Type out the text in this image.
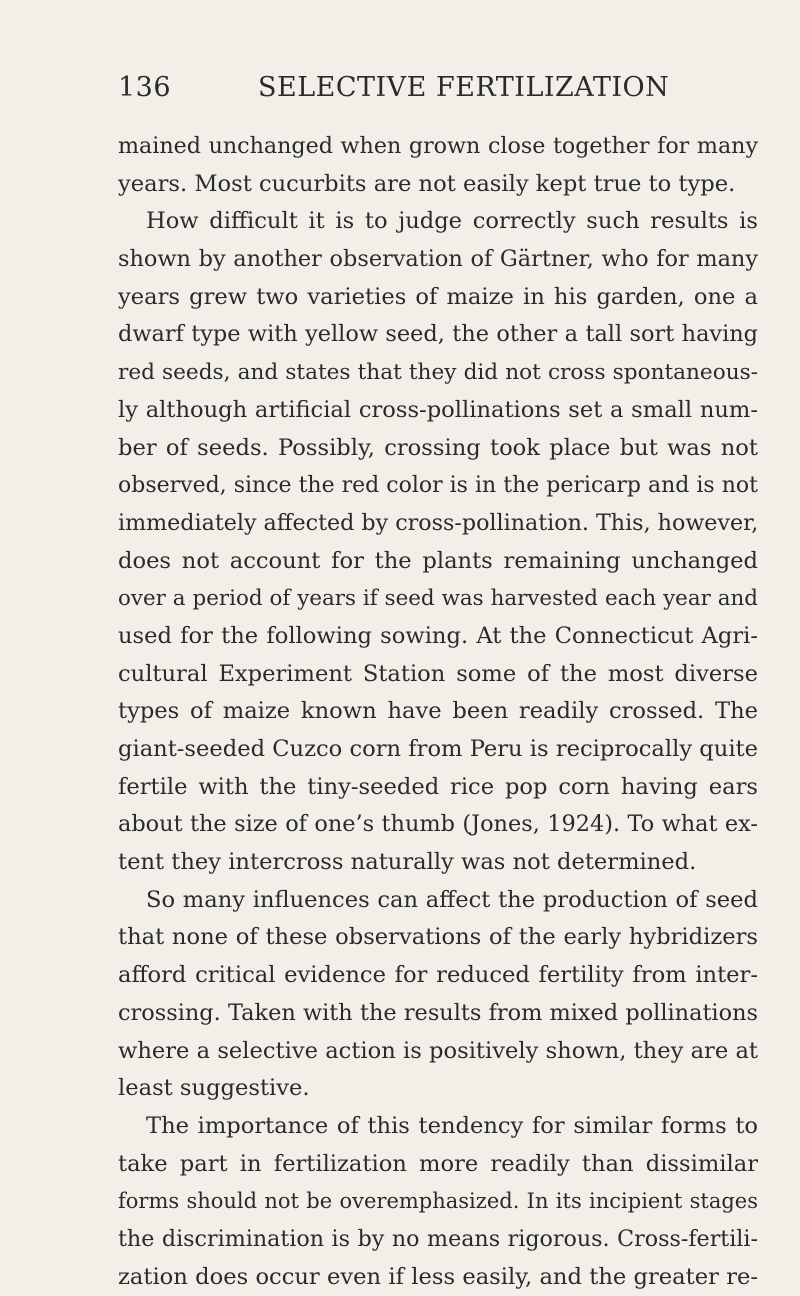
136	SELECTIVE FERTILIZATION
mained unchanged when grown close together for many
years. Most cucurbits are not easily kept true to type.
How difficult it is to judge correctly such results is
shown by another observation of Gärtner, who for many
years grew two varieties of maize in his garden, one a
dwarf type with yellow seed, the other a tall sort having
red seeds, and states that they did not cross spontaneous-
ly although artificial cross-pollinations set a small num-
ber of seeds. Possibly, crossing took place but was not
observed, since the red color is in the pericarp and is not
immediately affected by cross-pollination. This, however,
does not account for the plants remaining unchanged
over a period of years if seed was harvested each year and
used for the following sowing. At the Connecticut Agri-
cultural Experiment Station some of the most diverse
types of maize known have been readily crossed. The
giant-seeded Cuzco corn from Peru is reciprocally quite
fertile with the tiny-seeded rice pop corn having ears
about the size of one’s thumb (Jones, 1924). To what ex-
tent they intercross naturally was not determined.
So many influences can affect the production of seed
that none of these observations of the early hybridizers
afford critical evidence for reduced fertility from inter-
crossing. Taken with the results from mixed pollinations
where a selective action is positively shown, they are at
least suggestive.
The importance of this tendency for similar forms to
take part in fertilization more readily than dissimilar
forms should not be overemphasized. In its incipient stages
the discrimination is by no means rigorous. Cross-fertili-
zation does occur even if less easily, and the greater re-
